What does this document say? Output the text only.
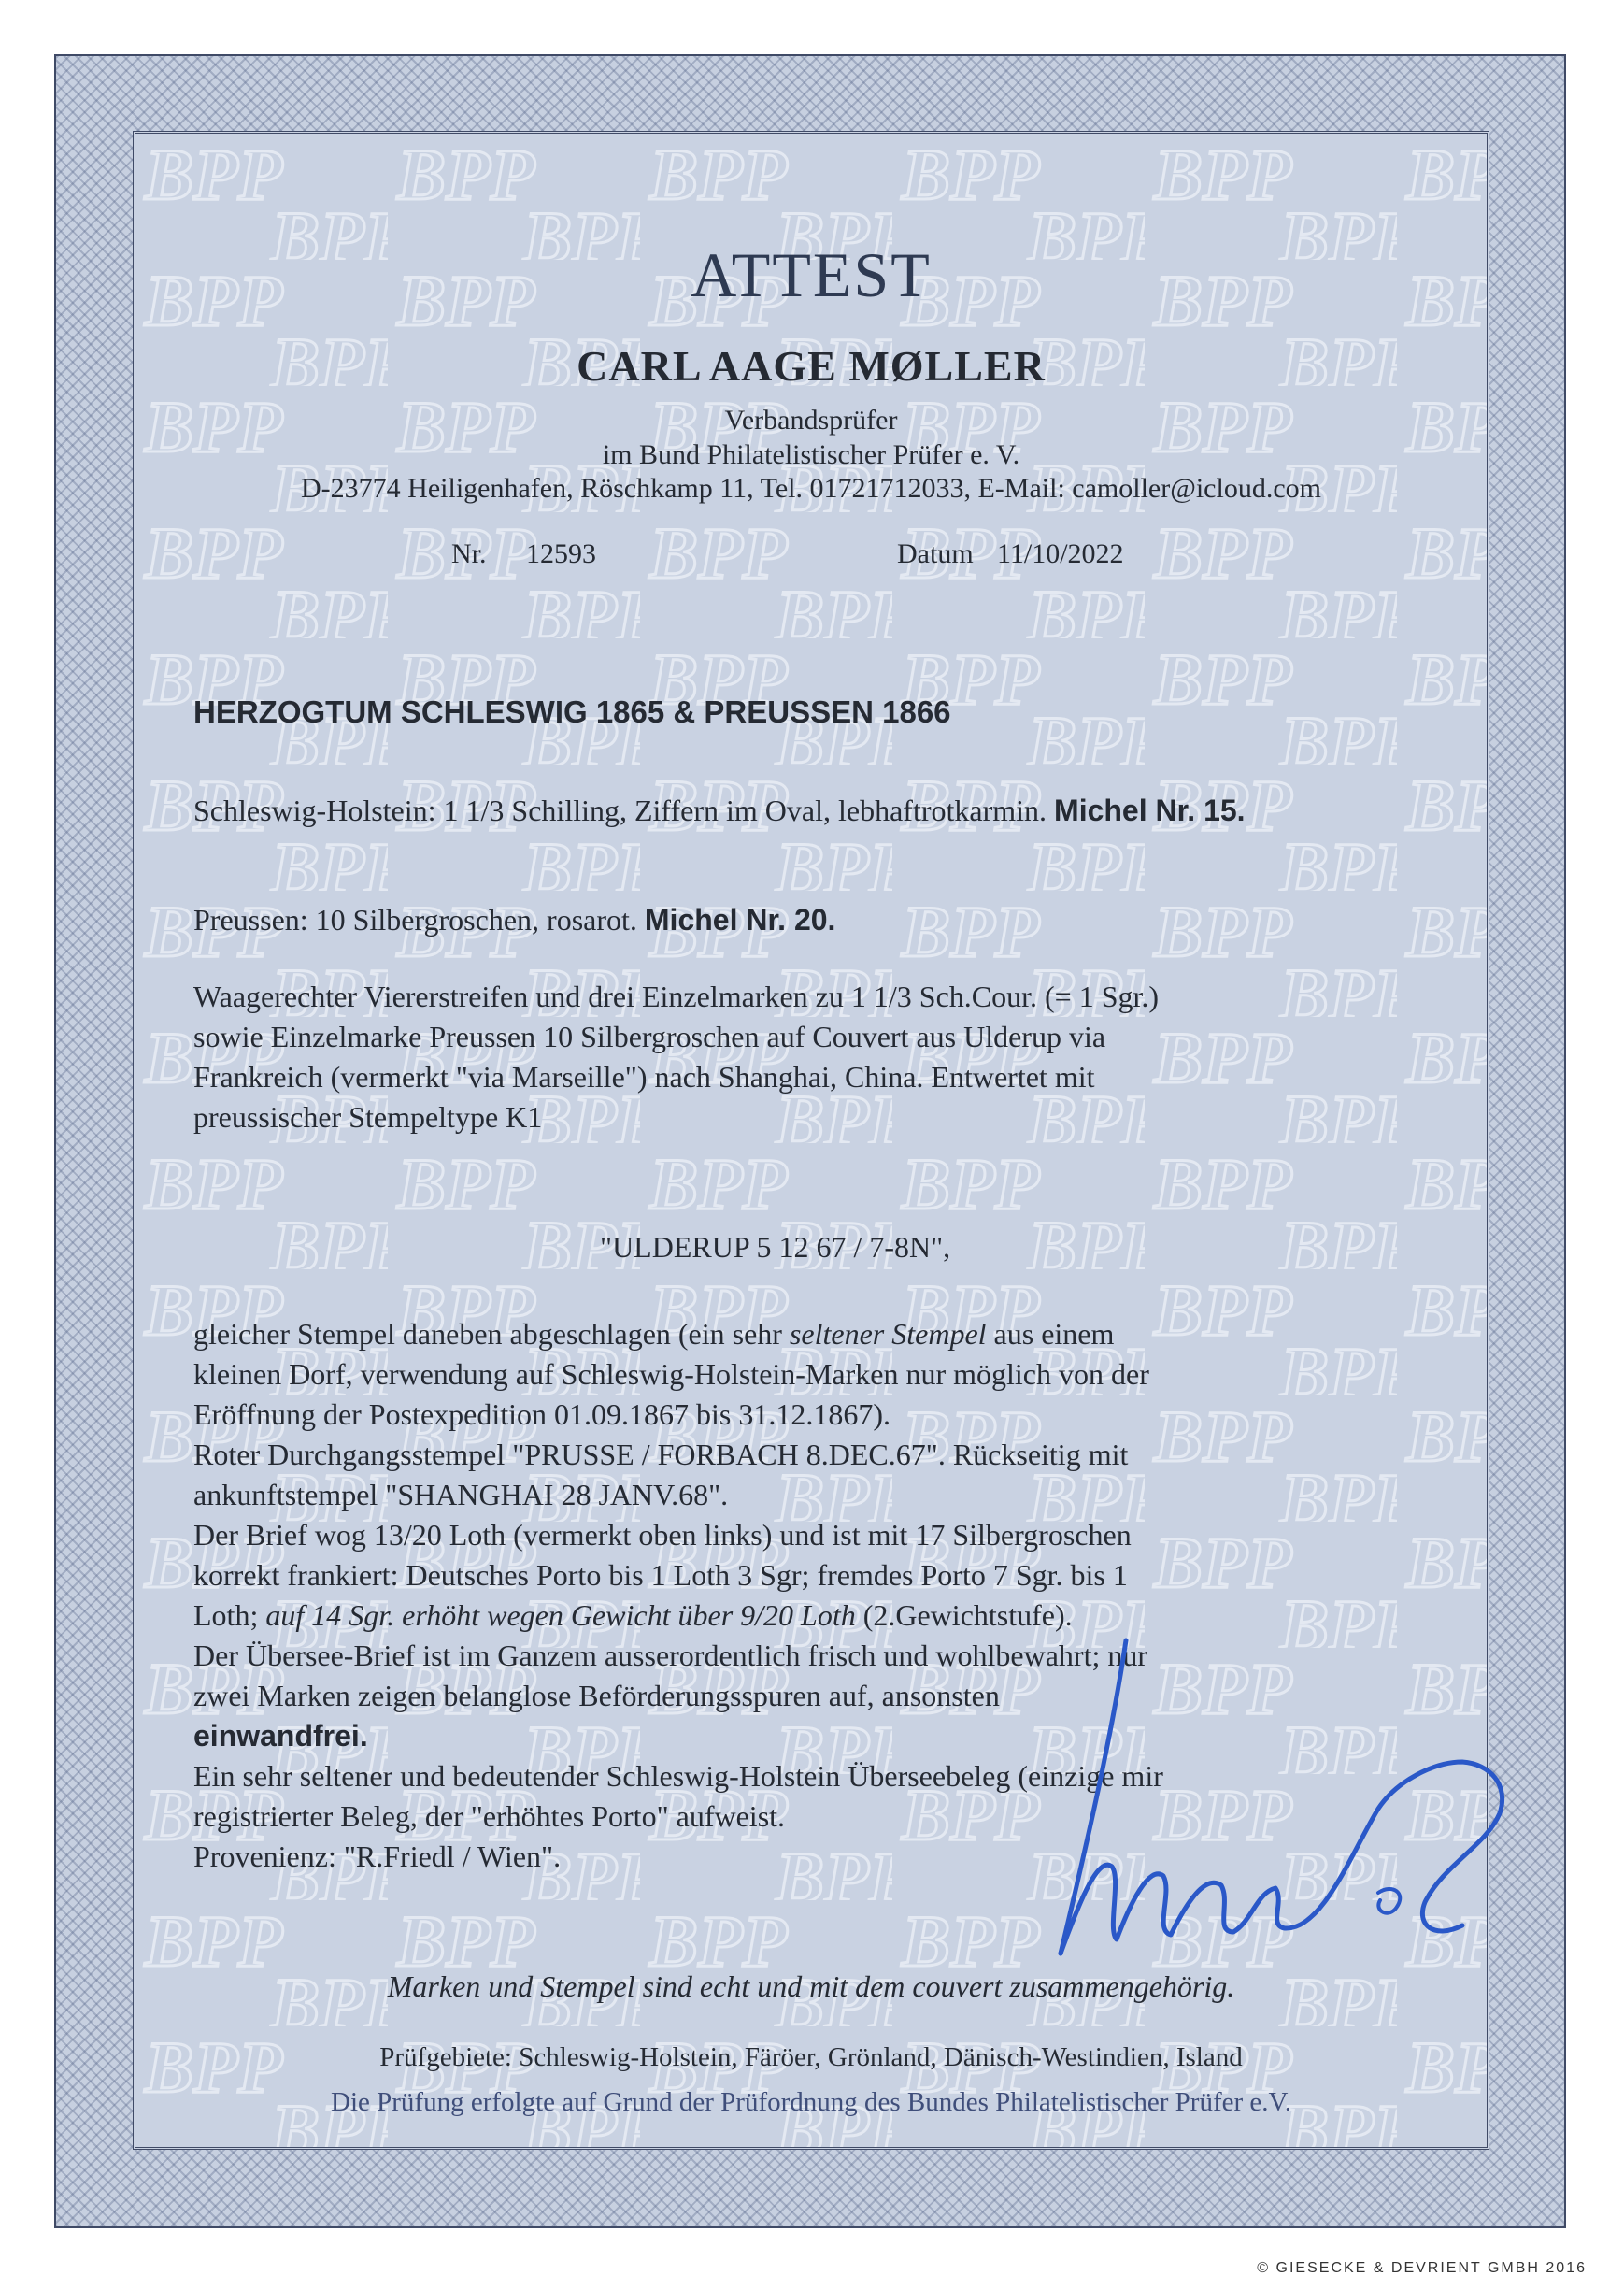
ATTEST
CARL AAGE MØLLER
Verbandsprüfer
im Bund Philatelistischer Prüfer e. V.
D-23774 Heiligenhafen, Röschkamp 11, Tel. 01721712033, E-Mail: camoller@icloud.com
Nr. 12593	Datum 11/10/2022
HERZOGTUM SCHLESWIG 1865 & PREUSSEN 1866
Schleswig-Holstein: 1 1/3 Schilling, Ziffern im Oval, lebhaftrotkarmin. Michel Nr. 15.
Preussen: 10 Silbergroschen, rosarot. Michel Nr. 20.
Waagerechter Viererstreifen und drei Einzelmarken zu 1 1/3 Sch.Cour. (= 1 Sgr.)
sowie Einzelmarke Preussen 10 Silbergroschen auf Couvert aus Ulderup via
Frankreich (vermerkt "via Marseille") nach Shanghai, China. Entwertet mit
preussischer Stempeltype K1
"ULDERUP 5 12 67 / 7-8N",
gleicher Stempel daneben abgeschlagen (ein sehr seltener Stempel aus einem
kleinen Dorf, verwendung auf Schleswig-Holstein-Marken nur möglich von der
Eröffnung der Postexpedition 01.09.1867 bis 31.12.1867).
Roter Durchgangsstempel "PRUSSE / FORBACH 8.DEC.67". Rückseitig mit
ankunftstempel "SHANGHAI 28 JANV.68".
Der Brief wog 13/20 Loth (vermerkt oben links) und ist mit 17 Silbergroschen
korrekt frankiert: Deutsches Porto bis 1 Loth 3 Sgr; fremdes Porto 7 Sgr. bis 1
Loth; auf 14 Sgr. erhöht wegen Gewicht über 9/20 Loth (2.Gewichtstufe).
Der Übersee-Brief ist im Ganzem ausserordentlich frisch und wohlbewahrt; nur
zwei Marken zeigen belanglose Beförderungsspuren auf, ansonsten
einwandfrei.
Ein sehr seltener und bedeutender Schleswig-Holstein Überseebeleg (einzige mir
registrierter Beleg, der "erhöhtes Porto" aufweist.
Provenienz: "R.Friedl / Wien".
Marken und Stempel sind echt und mit dem couvert zusammengehörig.
Prüfgebiete: Schleswig-Holstein, Färöer, Grönland, Dänisch-Westindien, Island
Die Prüfung erfolgte auf Grund der Prüfordnung des Bundes Philatelistischer Prüfer e.V.
© GIESECKE & DEVRIENT GMBH 2016
